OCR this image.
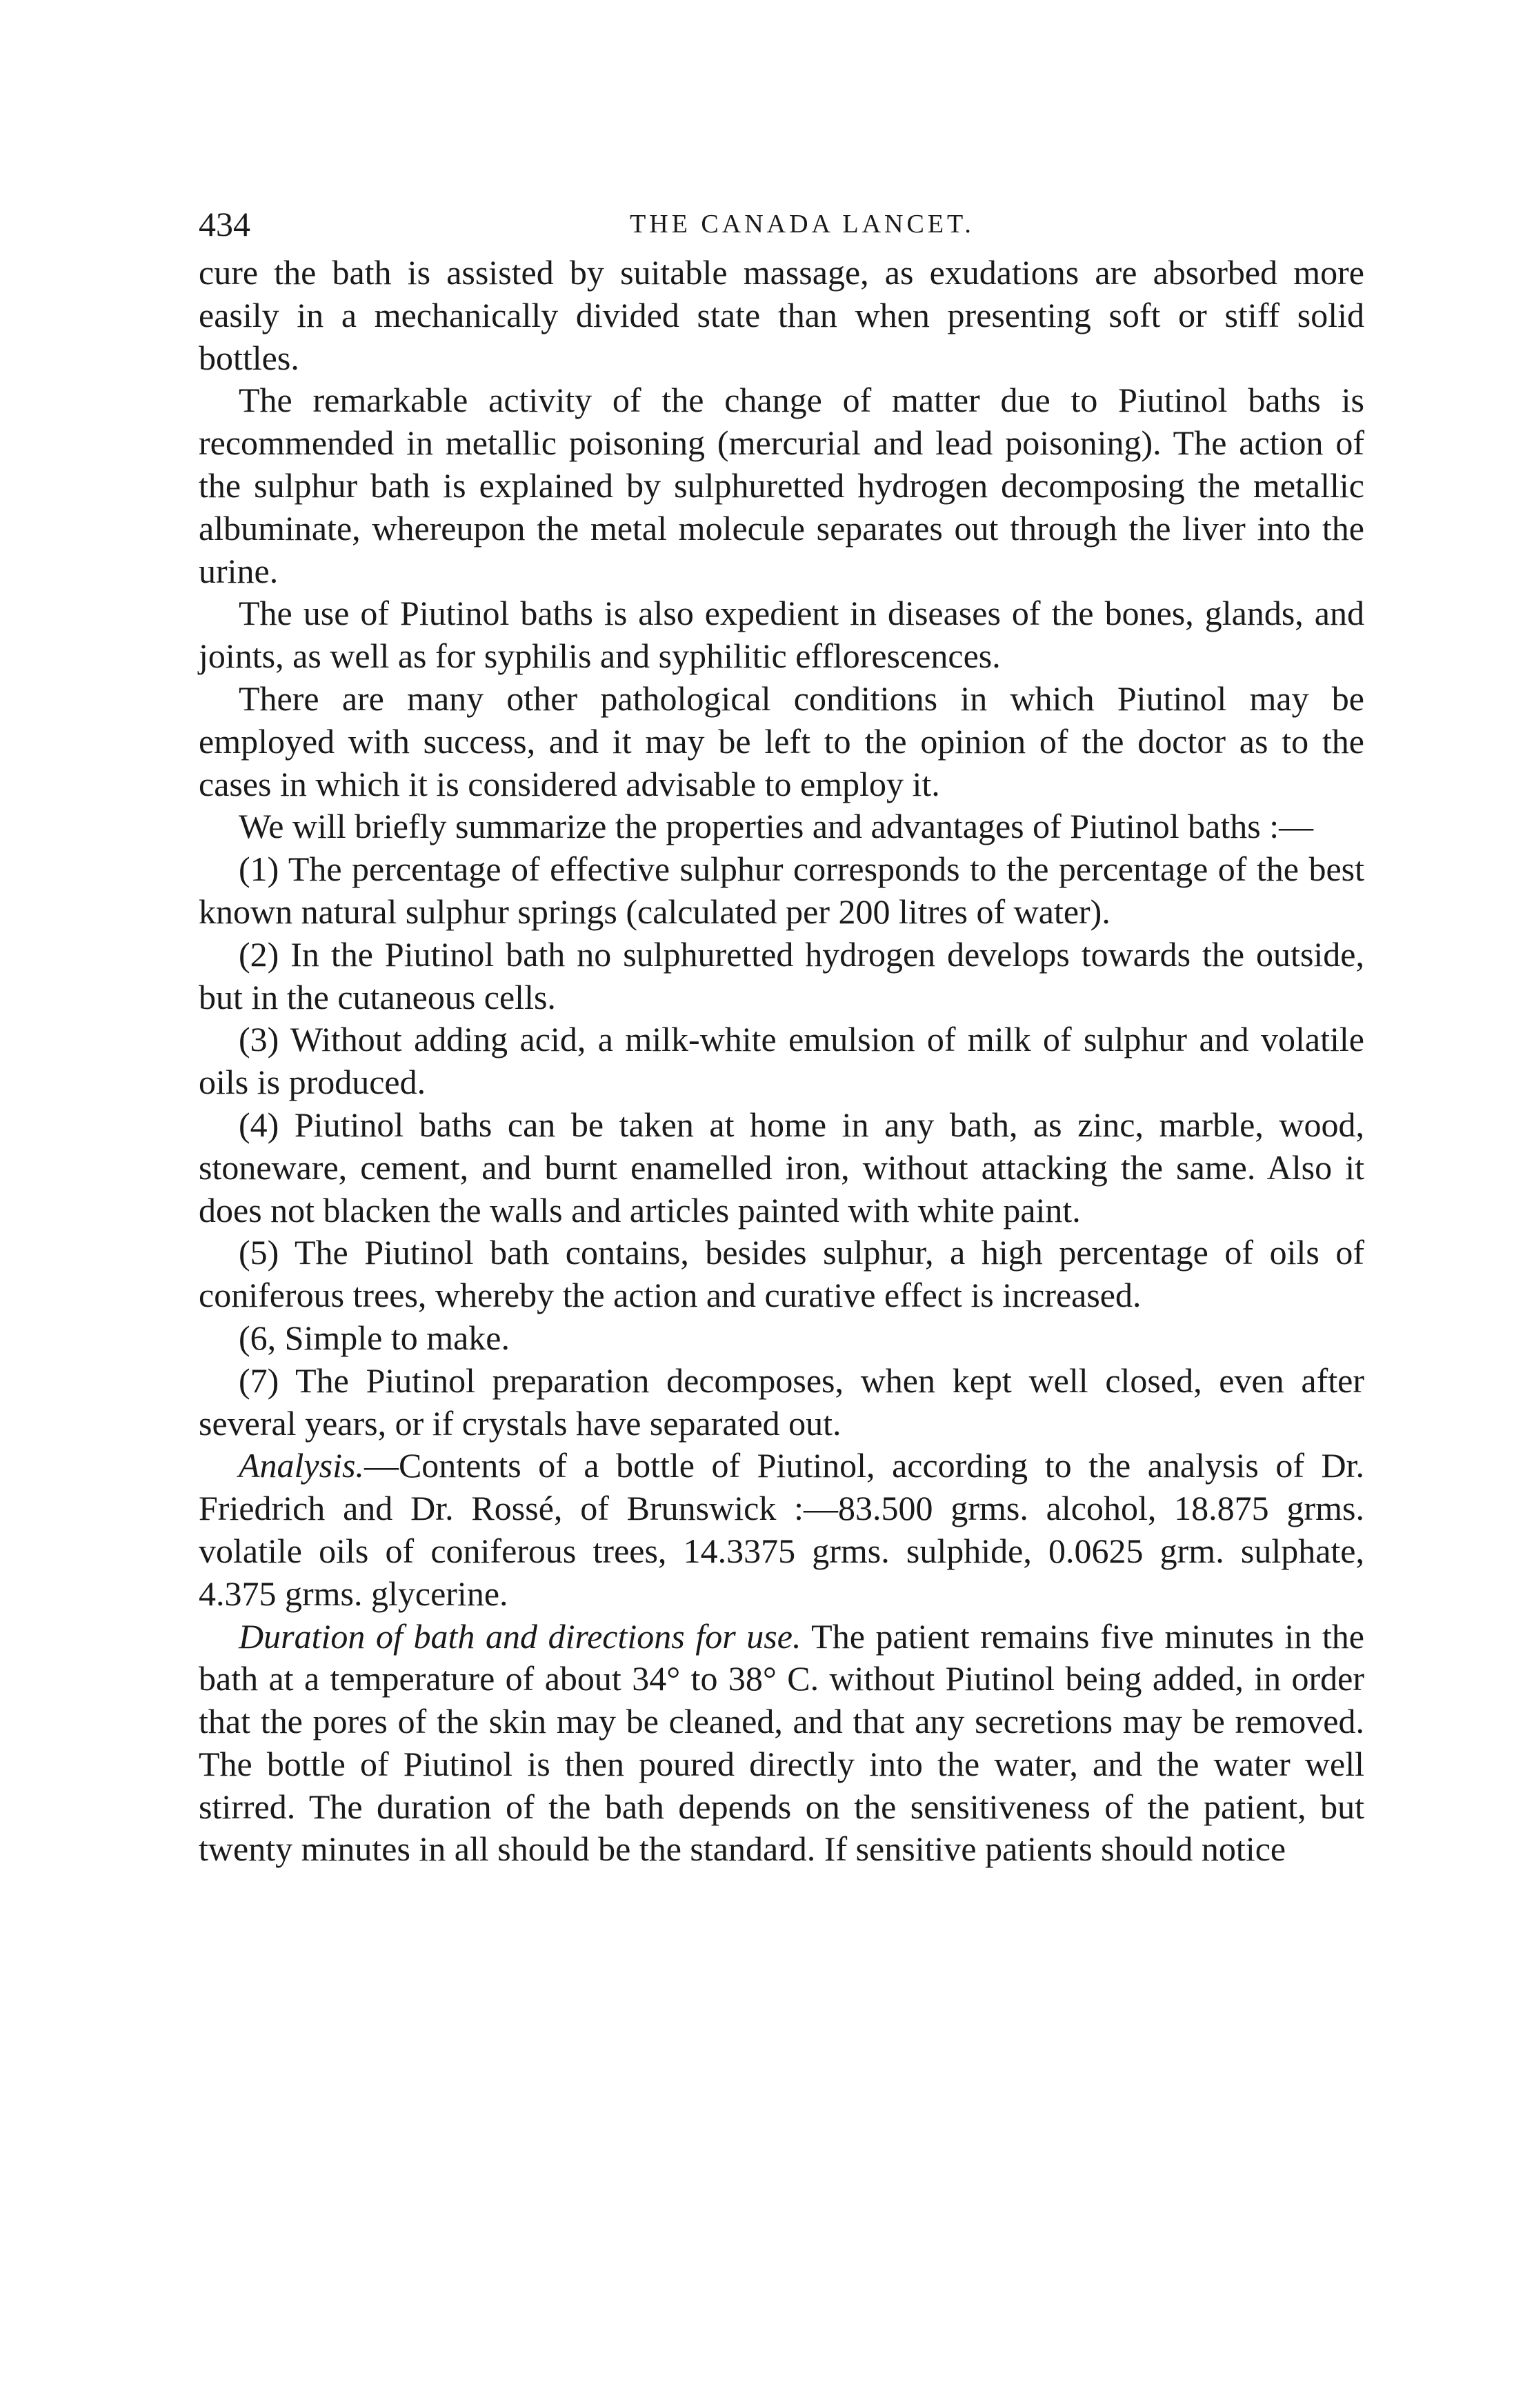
434	THE CANADA LANCET.

cure the bath is assisted by suitable massage, as exudations are absorbed more easily in a mechanically divided state than when presenting soft or stiff solid bottles.

The remarkable activity of the change of matter due to Piutinol baths is recommended in metallic poisoning (mercurial and lead poisoning). The action of the sulphur bath is explained by sulphuretted hydrogen decomposing the metallic albuminate, whereupon the metal molecule separates out through the liver into the urine.

The use of Piutinol baths is also expedient in diseases of the bones, glands, and joints, as well as for syphilis and syphilitic efflorescences.

There are many other pathological conditions in which Piutinol may be employed with success, and it may be left to the opinion of the doctor as to the cases in which it is considered advisable to employ it.

We will briefly summarize the properties and advantages of Piutinol baths :—

(1) The percentage of effective sulphur corresponds to the percentage of the best known natural sulphur springs (calculated per 200 litres of water).

(2) In the Piutinol bath no sulphuretted hydrogen develops towards the outside, but in the cutaneous cells.

(3) Without adding acid, a milk-white emulsion of milk of sulphur and volatile oils is produced.

(4) Piutinol baths can be taken at home in any bath, as zinc, marble, wood, stoneware, cement, and burnt enamelled iron, without attacking the same. Also it does not blacken the walls and articles painted with white paint.

(5) The Piutinol bath contains, besides sulphur, a high percentage of oils of coniferous trees, whereby the action and curative effect is increased.

(6, Simple to make.

(7) The Piutinol preparation decomposes, when kept well closed, even after several years, or if crystals have separated out.

Analysis.—Contents of a bottle of Piutinol, according to the analysis of Dr. Friedrich and Dr. Rossé, of Brunswick :—83.500 grms. alcohol, 18.875 grms. volatile oils of coniferous trees, 14.3375 grms. sulphide, 0.0625 grm. sulphate, 4.375 grms. glycerine.

Duration of bath and directions for use. The patient remains five minutes in the bath at a temperature of about 34° to 38° C. without Piutinol being added, in order that the pores of the skin may be cleaned, and that any secretions may be removed. The bottle of Piutinol is then poured directly into the water, and the water well stirred. The duration of the bath depends on the sensitiveness of the patient, but twenty minutes in all should be the standard. If sensitive patients should notice
